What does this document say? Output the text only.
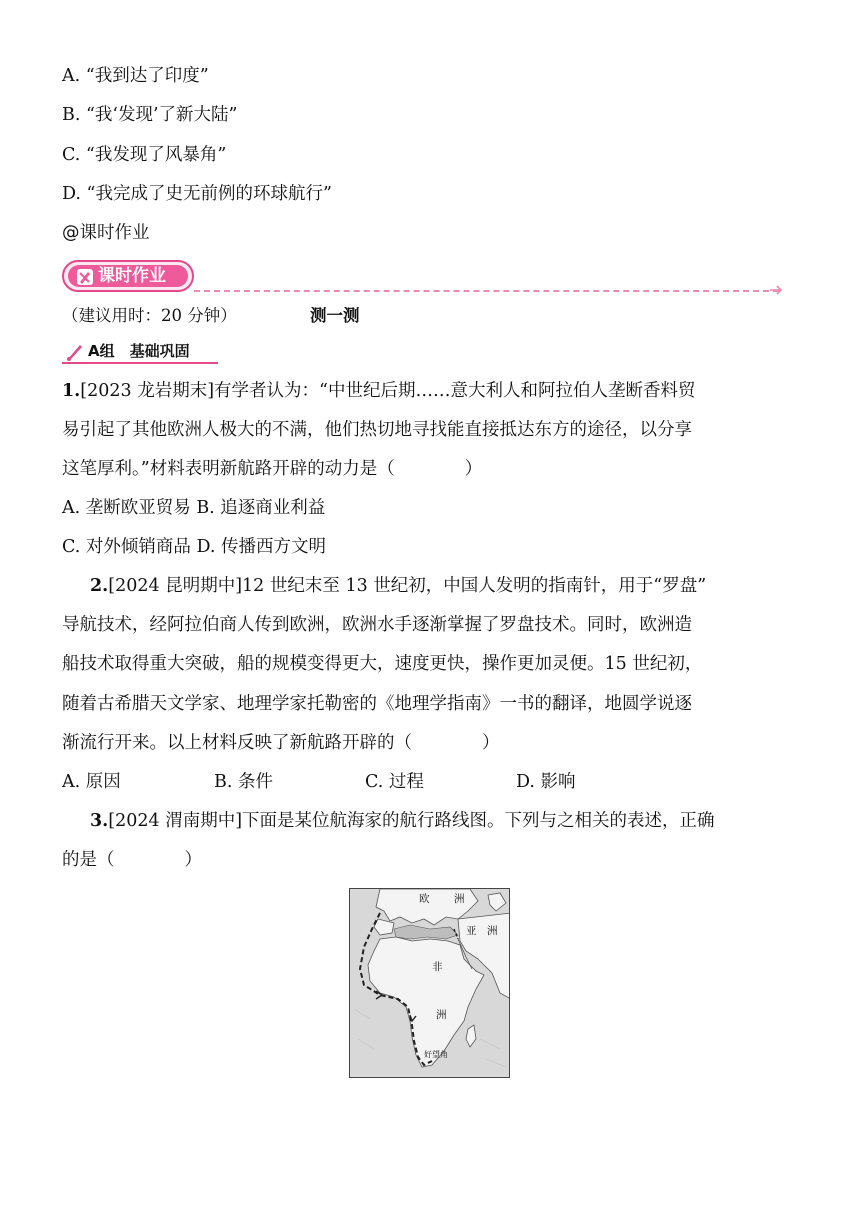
A. “我到达了印度”
B. “我‘发现’了新大陆”
C. “我发现了风暴角”
D. “我完成了史无前例的环球航行”
@课时作业
课时作业
（建议用时：20 分钟）	测一测
A组　基础巩固
1.[2023 龙岩期末]有学者认为：“中世纪后期……意大利人和阿拉伯人垄断香料贸
易引起了其他欧洲人极大的不满，他们热切地寻找能直接抵达东方的途径，以分享
这笔厚利。”材料表明新航路开辟的动力是（　　　　）
A. 垄断欧亚贸易 B. 追逐商业利益
C. 对外倾销商品 D. 传播西方文明
2.[2024 昆明期中]12 世纪末至 13 世纪初，中国人发明的指南针，用于“罗盘”
导航技术，经阿拉伯商人传到欧洲，欧洲水手逐渐掌握了罗盘技术。同时，欧洲造
船技术取得重大突破，船的规模变得更大，速度更快，操作更加灵便。15 世纪初，
随着古希腊天文学家、地理学家托勒密的《地理学指南》一书的翻译，地圆学说逐
渐流行开来。以上材料反映了新航路开辟的（　　　　）
A. 原因	B. 条件	C. 过程	D. 影响
3.[2024 渭南期中]下面是某位航海家的航行路线图。下列与之相关的表述，正确
的是（　　　　）
欧 洲
亚 洲
非
洲
好望角
